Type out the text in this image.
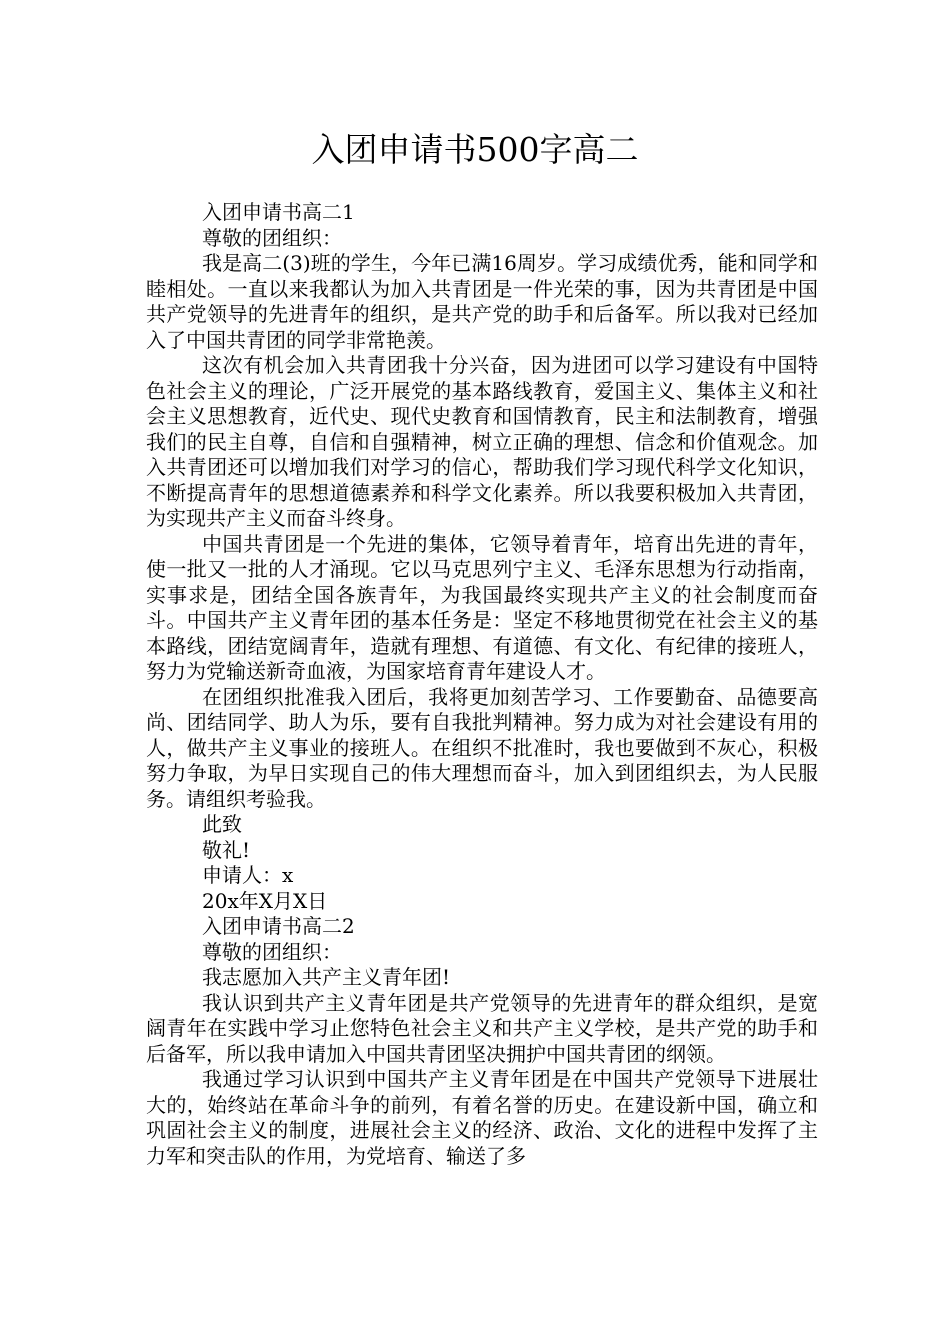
入团申请书500字高二

入团申请书高二1

尊敬的团组织：

我是高二(3)班的学生，今年已满16周岁。学习成绩优秀，能和同学和睦相处。一直以来我都认为加入共青团是一件光荣的事，因为共青团是中国共产党领导的先进青年的组织，是共产党的助手和后备军。所以我对已经加入了中国共青团的同学非常艳羡。

这次有机会加入共青团我十分兴奋，因为进团可以学习建设有中国特色社会主义的理论，广泛开展党的基本路线教育，爱国主义、集体主义和社会主义思想教育，近代史、现代史教育和国情教育，民主和法制教育，增强我们的民主自尊，自信和自强精神，树立正确的理想、信念和价值观念。加入共青团还可以增加我们对学习的信心，帮助我们学习现代科学文化知识，不断提高青年的思想道德素养和科学文化素养。所以我要积极加入共青团，为实现共产主义而奋斗终身。

中国共青团是一个先进的集体，它领导着青年，培育出先进的青年，使一批又一批的人才涌现。它以马克思列宁主义、毛泽东思想为行动指南，实事求是，团结全国各族青年，为我国最终实现共产主义的社会制度而奋斗。中国共产主义青年团的基本任务是：坚定不移地贯彻党在社会主义的基本路线，团结宽阔青年，造就有理想、有道德、有文化、有纪律的接班人，努力为党输送新奇血液，为国家培育青年建设人才。

在团组织批准我入团后，我将更加刻苦学习、工作要勤奋、品德要高尚、团结同学、助人为乐，要有自我批判精神。努力成为对社会建设有用的人，做共产主义事业的接班人。在组织不批准时，我也要做到不灰心，积极努力争取，为早日实现自己的伟大理想而奋斗，加入到团组织去，为人民服务。请组织考验我。

此致

敬礼!

申请人：x

20x年X月X日

入团申请书高二2

尊敬的团组织：

我志愿加入共产主义青年团!

我认识到共产主义青年团是共产党领导的先进青年的群众组织，是宽阔青年在实践中学习止您特色社会主义和共产主义学校，是共产党的助手和后备军，所以我申请加入中国共青团坚决拥护中国共青团的纲领。

我通过学习认识到中国共产主义青年团是在中国共产党领导下进展壮大的，始终站在革命斗争的前列，有着名誉的历史。在建设新中国，确立和巩固社会主义的制度，进展社会主义的经济、政治、文化的进程中发挥了主力军和突击队的作用，为党培育、输送了多
